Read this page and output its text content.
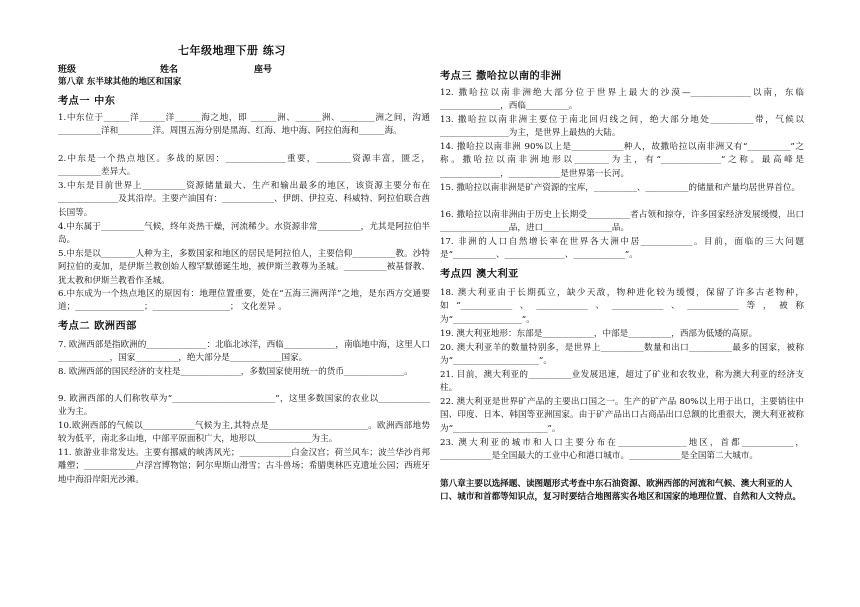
七年级地理下册 练习
班级	姓名	座号
第八章 东半球其他的地区和国家
考点一 中东
1.中东位于______洋______洋______海之地，即 ______洲、______洲、________洲之间，沟通__________洋和________洋。周围五海分别是黑海、红海、地中海、阿拉伯海和______海。
2.中东是一个热点地区。多战的原因：______________重要，________资源丰富，匮乏，__________差异大。
3.中东是目前世界上__________资源储量最大、生产和输出最多的地区，该资源主要分布在______________及其沿岸。主要产油国有：____________、伊朗、伊拉克、科威特、阿拉伯联合酋长国等。
4.中东属于__________气候，终年炎热干燥，河流稀少。水资源非常__________，尤其是阿拉伯半岛。
5.中东是以________人种为主，多数国家和地区的居民是阿拉伯人，主要信仰__________教。沙特阿拉伯的麦加，是伊斯兰教创始人穆罕默德诞生地，被伊斯兰教尊为圣城。__________被基督教、犹太教和伊斯兰教看作圣城。
6.中东成为一个热点地区的原因有：地理位置重要，处在“五海三洲两洋”之地，是东西方交通要道；________________；__________________； 文化差异 。
考点二 欧洲西部
7. 欧洲西部是指欧洲的______________：北临北冰洋，西临____________，南临地中海，这里人口____________，国家__________，绝大部分是____________国家。
8. 欧洲西部的国民经济的支柱是______________，多数国家使用统一的货币______________。
9. 欧洲西部的人们称牧草为“________________________”，这里多数国家的农业以____________业为主。
10.欧洲西部的气候以____________气候为主,其特点是_______________________。欧洲西部地势较为低平，南北多山地，中部平原面积广大，地形以_____________为主。
11. 旅游业非常发达。主要有挪威的峡湾风光；____________白金汉宫；荷兰风车；波兰华沙肖邦雕塑；____________卢浮宫博物馆；阿尔卑斯山滑雪；古斗兽场；希腊奥林匹克遗址公园；西班牙地中海沿岸阳光沙滩。
考点三 撒哈拉以南的非洲
12. 撒哈拉以南非洲绝大部分位于世界上最大的沙漠—______________以南，东临______________，西临__________。
13. 撒哈拉以南非洲主要位于南北回归线之间，绝大部分地处__________带，气候以________________为主，是世界上最热的大陆。
14. 撒哈拉以南非洲 90%以上是____________种人，故撒哈拉以南非洲又有“__________”之称。撒哈拉以南非洲地形以________为主，有“______________”之称。最高峰是______________，____________是世界第一长河。
15. 撒哈拉以南非洲是矿产资源的宝库，__________、__________的储量和产量均居世界首位。
16. 撒哈拉以南非洲由于历史上长期受__________者占领和掠夺，许多国家经济发展缓慢，出口________________品，进口________________品。
17. 非洲的人口自然增长率在世界各大洲中居____________。目前，面临的三大问题是“__________、______________、____________”。
考点四 澳大利亚
18. 澳大利亚由于长期孤立，缺少天敌，物种进化较为缓慢，保留了许多古老物种，如“____________、____________、____________、____________等，被称为“________________”。
19. 澳大利亚地形：东部是____________，中部是__________，西部为低矮的高原。
20. 澳大利亚羊的数量特别多，是世界上__________数量和出口__________最多的国家，被称为“____________________”。
21. 目前，澳大利亚的__________业发展迅速，超过了矿业和农牧业，称为澳大利亚的经济支柱。
22. 澳大利亚是世界矿产品的主要出口国之一。生产的矿产品 80%以上用于出口，主要销往中国、印度、日本、韩国等亚洲国家。由于矿产品出口占商品出口总额的比重很大，澳大利亚被称为“______________________”。
23. 澳大利亚的城市和人口主要分布在________________地区，首都____________，____________是全国最大的工业中心和港口城市。____________是全国第二大城市。
第八章主要以选择题、读图题形式考查中东石油资源、欧洲西部的河流和气候、澳大利亚的人口、城市和首都等知识点，复习时要结合地图落实各地区和国家的地理位置、自然和人文特点。
